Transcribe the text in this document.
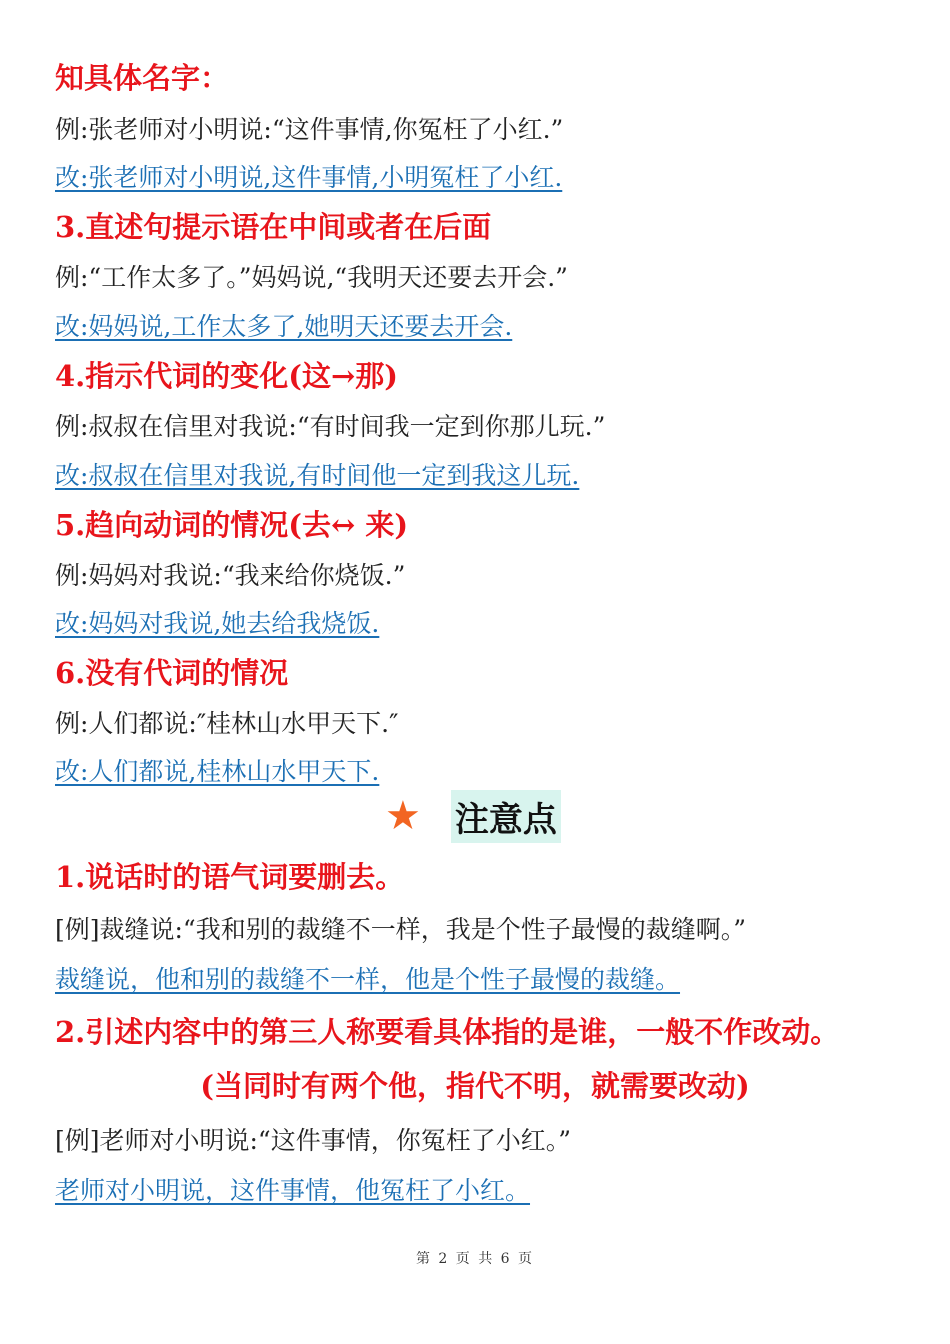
知具体名字：
例:张老师对小明说:“这件事情,你冤枉了小红.”
改:张老师对小明说,这件事情,小明冤枉了小红.
3.直述句提示语在中间或者在后面
例:“工作太多了。”妈妈说,“我明天还要去开会.”
改:妈妈说,工作太多了,她明天还要去开会.
4.指示代词的变化(这→那)
例:叔叔在信里对我说:“有时间我一定到你那儿玩.”
改:叔叔在信里对我说,有时间他一定到我这儿玩.
5.趋向动词的情况(去↔ 来)
例:妈妈对我说:“我来给你烧饭.”
改:妈妈对我说,她去给我烧饭.
6.没有代词的情况
例:人们都说:″桂林山水甲天下.″
改:人们都说,桂林山水甲天下.
★ 注意点
1.说话时的语气词要删去。
[例]裁缝说:“我和别的裁缝不一样，我是个性子最慢的裁缝啊。”
裁缝说，他和别的裁缝不一样，他是个性子最慢的裁缝。
2.引述内容中的第三人称要看具体指的是谁，一般不作改动。
(当同时有两个他，指代不明，就需要改动)
[例]老师对小明说:“这件事情，你冤枉了小红。”
老师对小明说，这件事情，他冤枉了小红。
第 2 页 共 6 页
